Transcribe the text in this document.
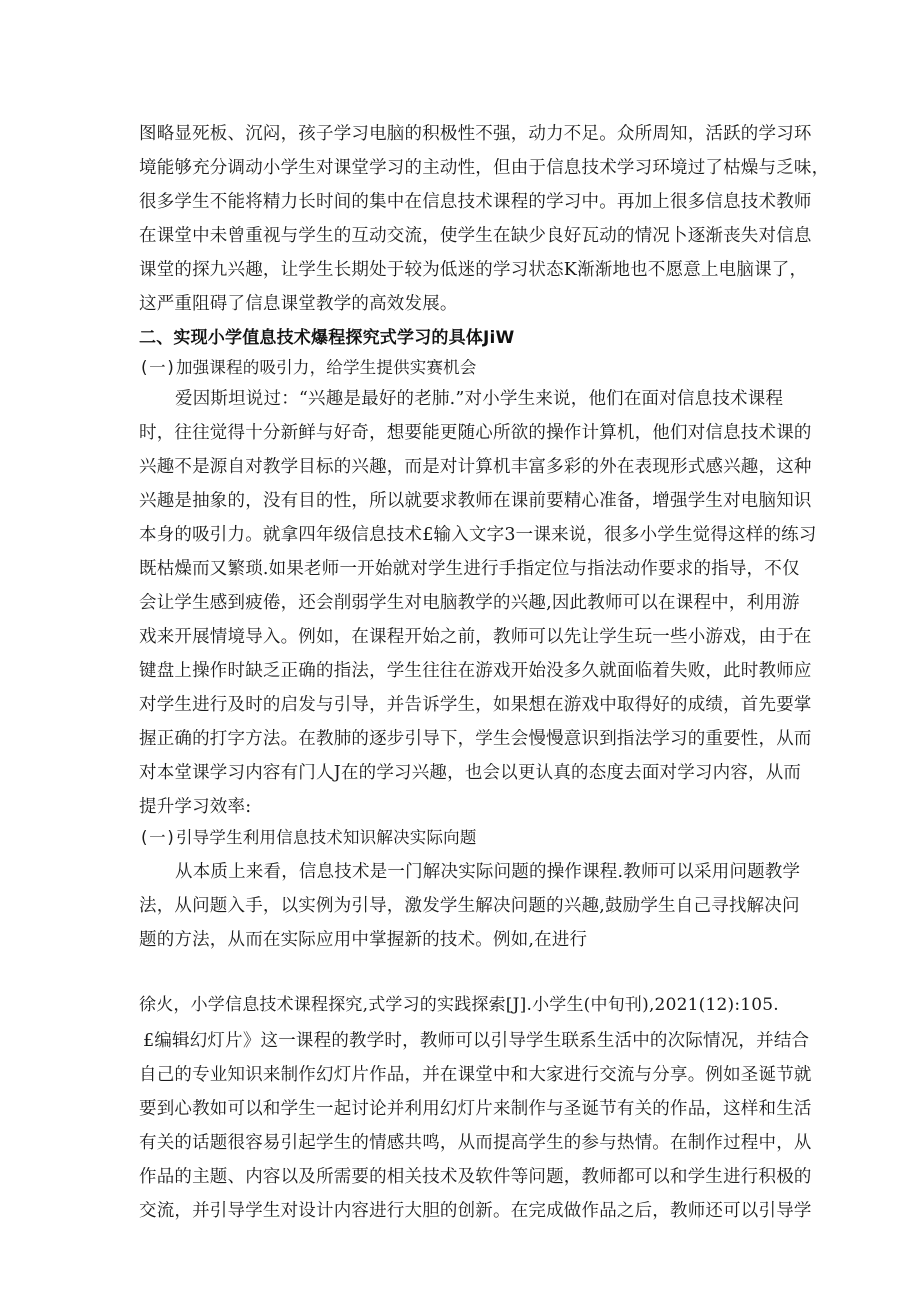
图略显死板、沉闷，孩子学习电脑的积极性不强，动力不足。众所周知，活跃的学习环
境能够充分调动小学生对课堂学习的主动性，但由于信息技术学习环境过了枯燥与乏味，
很多学生不能将精力长时间的集中在信息技术课程的学习中。再加上很多信息技术教师
在课堂中未曾重视与学生的互动交流，使学生在缺少良好瓦动的情况卜逐渐丧失对信息
课堂的探九兴趣，让学生长期处于较为低迷的学习状态K渐渐地也不愿意上电脑课了，
这严重阻碍了信息课堂教学的高效发展。
二、实现小学值息技术爆程探究式学习的具体JiW
(一)加强课程的吸引力，给学生提供实赛机会
爱因斯坦说过：“兴趣是最好的老肺.”对小学生来说，他们在面对信息技术课程
时，往往觉得十分新鲜与好奇，想要能更随心所欲的操作计算机，他们对信息技术课的
兴趣不是源自对教学目标的兴趣，而是对计算机丰富多彩的外在表现形式感兴趣，这种
兴趣是抽象的，没有目的性，所以就要求教师在课前要精心准备，增强学生对电脑知识
本身的吸引力。就拿四年级信息技术£输入文字3一课来说，很多小学生觉得这样的练习
既枯燥而又繁琐.如果老师一开始就对学生进行手指定位与指法动作要求的指导，不仅
会让学生感到疲倦，还会削弱学生对电脑教学的兴趣,因此教师可以在课程中，利用游
戏来开展情境导入。例如，在课程开始之前，教师可以先让学生玩一些小游戏，由于在
键盘上操作时缺乏正确的指法，学生往往在游戏开始没多久就面临着失败，此时教师应
对学生进行及时的启发与引导，并告诉学生，如果想在游戏中取得好的成绩，首先要掌
握正确的打字方法。在教肺的逐步引导下，学生会慢慢意识到指法学习的重要性，从而
对本堂课学习内容有门人J在的学习兴趣，也会以更认真的态度去面对学习内容，从而
提升学习效率:
(一)引导学生利用信息技术知识解决实际向题
从本质上来看，信息技术是一门解决实际问题的操作课程.教师可以采用问题教学
法，从问题入手，以实例为引导，激发学生解决问题的兴趣,鼓励学生自己寻找解决问
题的方法，从而在实际应用中掌握新的技术。例如,在进行
徐火，小学信息技术课程探究,式学习的实践探索[J].小学生(中旬刊),2021(12):105.
£编辑幻灯片》这一课程的教学时，教师可以引导学生联系生活中的次际情况，并结合
自己的专业知识来制作幻灯片作品，并在课堂中和大家进行交流与分享。例如圣诞节就
要到心教如可以和学生一起讨论并利用幻灯片来制作与圣诞节有关的作品，这样和生活
有关的话题很容易引起学生的情感共鸣，从而提高学生的参与热情。在制作过程中，从
作品的主题、内容以及所需要的相关技术及软件等问题，教师都可以和学生进行积极的
交流，并引导学生对设计内容进行大胆的创新。在完成做作品之后，教师还可以引导学
